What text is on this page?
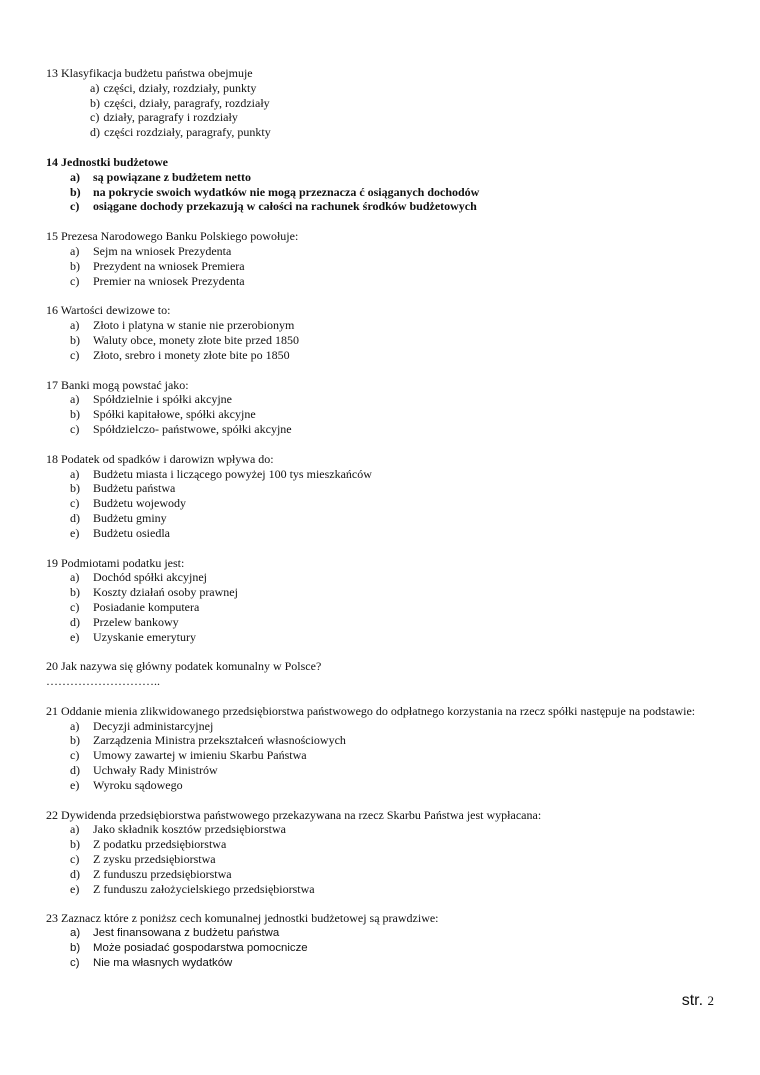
13 Klasyfikacja budżetu państwa obejmuje
a) części, działy, rozdziały, punkty
b) części, działy, paragrafy, rozdziały
c) działy, paragrafy i rozdziały
d) części rozdziały, paragrafy, punkty
14 Jednostki budżetowe
a)	są powiązane z budżetem netto
b)	na pokrycie swoich wydatków nie mogą przeznacza ć osiąganych dochodów
c)	osiągane dochody przekazują w całości na rachunek środków budżetowych
15 Prezesa Narodowego Banku Polskiego powołuje:
a)	Sejm na wniosek Prezydenta
b)	Prezydent na wniosek Premiera
c)	Premier na wniosek Prezydenta
16 Wartości dewizowe to:
a)	Złoto i platyna w stanie nie przerobionym
b)	Waluty obce, monety złote bite przed 1850
c)	Złoto, srebro i monety złote bite po 1850
17 Banki mogą powstać jako:
a)	Spółdzielnie i spółki akcyjne
b)	Spółki kapitałowe, spółki akcyjne
c)	Spółdzielczo- państwowe, spółki akcyjne
18 Podatek od spadków i darowizn wpływa do:
a)	Budżetu miasta i liczącego powyżej 100 tys mieszkańców
b)	Budżetu państwa
c)	Budżetu wojewody
d)	Budżetu gminy
e)	Budżetu osiedla
19 Podmiotami podatku jest:
a)	Dochód spółki akcyjnej
b)	Koszty działań osoby prawnej
c)	Posiadanie komputera
d)	Przelew bankowy
e)	Uzyskanie emerytury
20 Jak nazywa się główny podatek komunalny w Polsce?
………………………..
21 Oddanie mienia zlikwidowanego przedsiębiorstwa państwowego do odpłatnego korzystania na rzecz spółki następuje na podstawie:
a)	Decyzji administarcyjnej
b)	Zarządzenia Ministra przekształceń własnościowych
c)	Umowy zawartej w imieniu Skarbu Państwa
d)	Uchwały Rady Ministrów
e)	Wyroku sądowego
22 Dywidenda przedsiębiorstwa państwowego przekazywana na rzecz Skarbu Państwa jest wypłacana:
a)	Jako składnik kosztów przedsiębiorstwa
b)	Z podatku przedsiębiorstwa
c)	Z zysku przedsiębiorstwa
d)	Z funduszu przedsiębiorstwa
e)	Z funduszu założycielskiego przedsiębiorstwa
23 Zaznacz które z poniższ cech komunalnej jednostki budżetowej są prawdziwe:
a)	Jest finansowana z budżetu państwa
b)	Może posiadać gospodarstwa pomocnicze
c)	Nie ma własnych wydatków
str. 2
